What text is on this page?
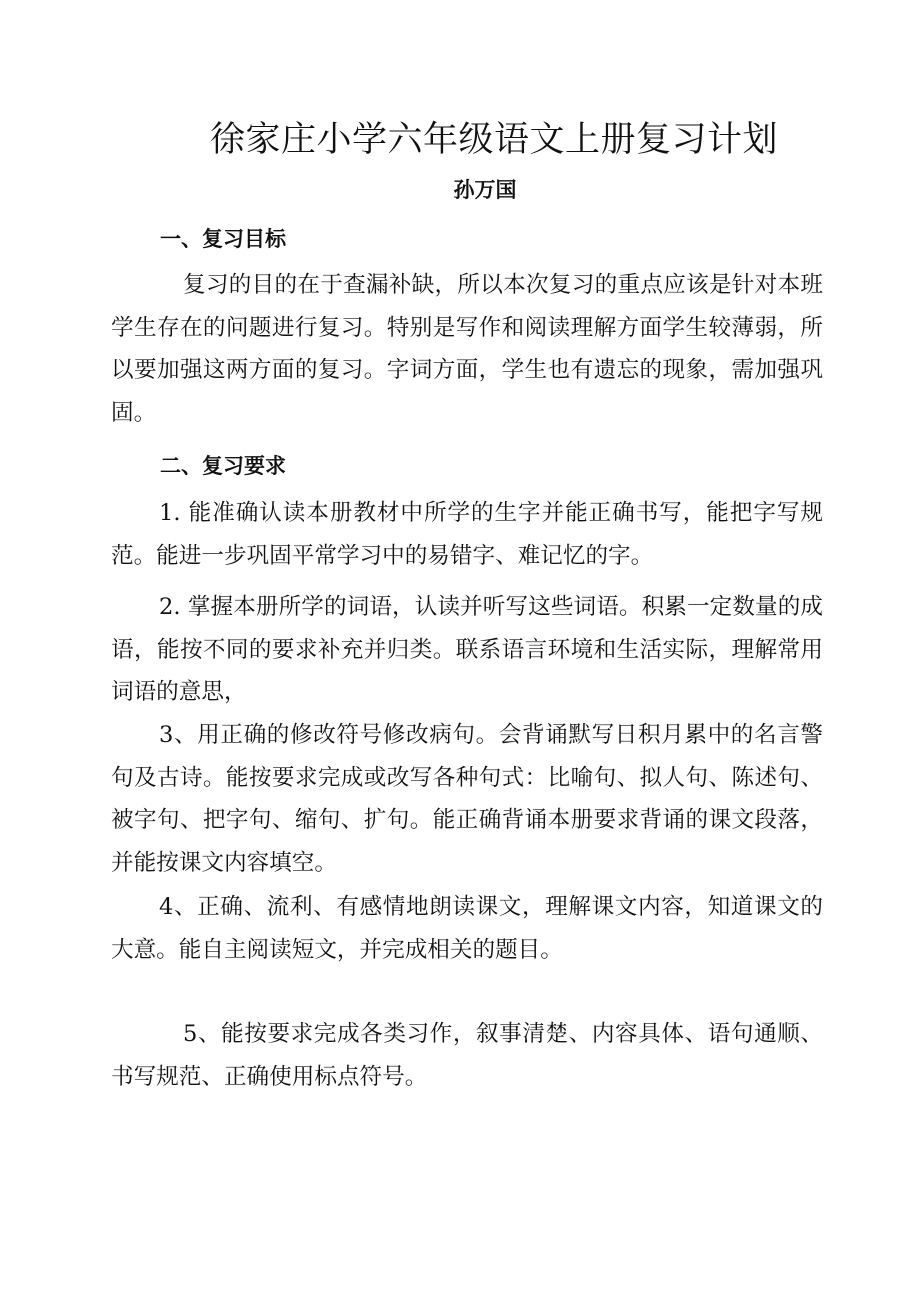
徐家庄小学六年级语文上册复习计划
孙万国
一、复习目标

复习的目的在于查漏补缺，所以本次复习的重点应该是针对本班学生存在的问题进行复习。特别是写作和阅读理解方面学生较薄弱，所以要加强这两方面的复习。字词方面，学生也有遗忘的现象，需加强巩固。

二、复习要求

1. 能准确认读本册教材中所学的生字并能正确书写，能把字写规范。能进一步巩固平常学习中的易错字、难记忆的字。

2. 掌握本册所学的词语，认读并听写这些词语。积累一定数量的成语，能按不同的要求补充并归类。联系语言环境和生活实际，理解常用词语的意思，

3、用正确的修改符号修改病句。会背诵默写日积月累中的名言警句及古诗。能按要求完成或改写各种句式：比喻句、拟人句、陈述句、被字句、把字句、缩句、扩句。能正确背诵本册要求背诵的课文段落，并能按课文内容填空。

4、正确、流利、有感情地朗读课文，理解课文内容，知道课文的大意。能自主阅读短文，并完成相关的题目。

5、能按要求完成各类习作，叙事清楚、内容具体、语句通顺、书写规范、正确使用标点符号。
